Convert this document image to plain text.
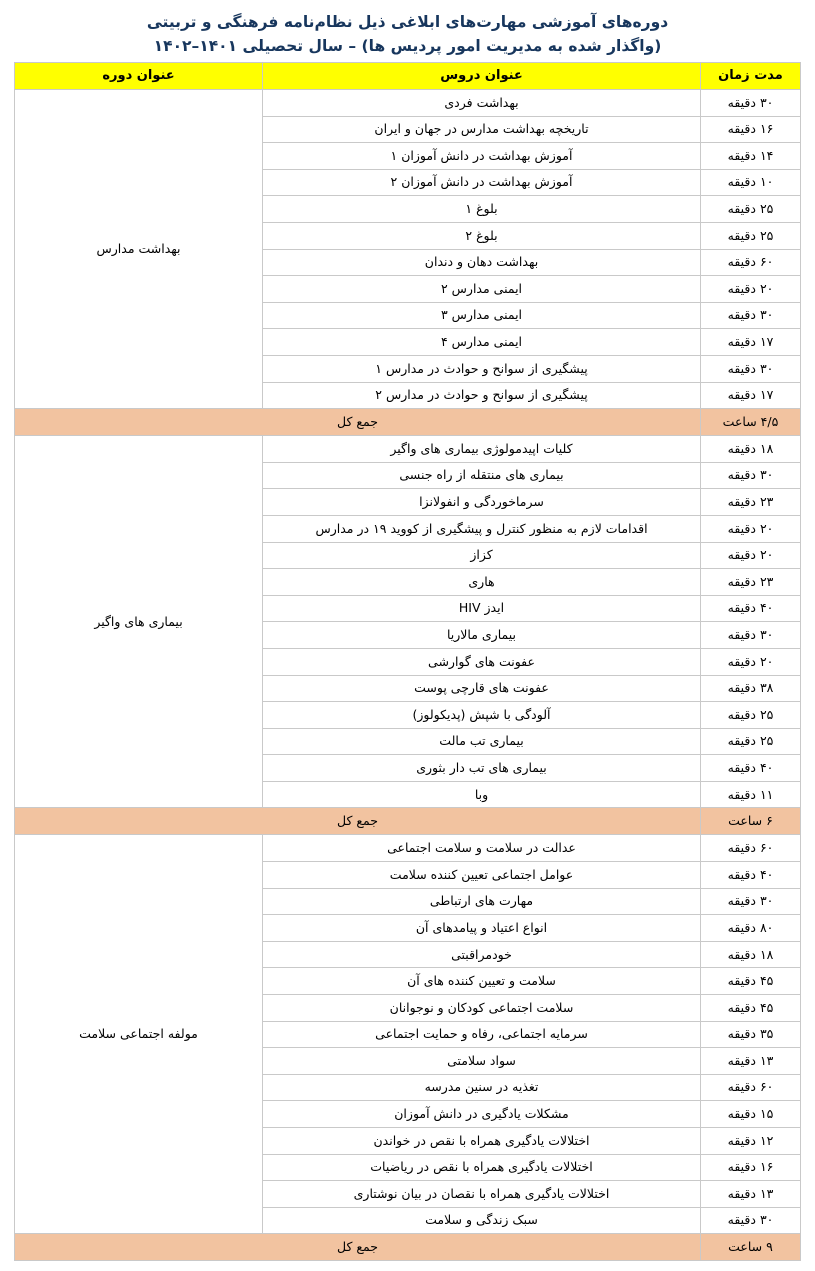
دوره‌های آموزشی مهارت‌های ابلاغی ذیل نظام‌نامه فرهنگی و تربیتی
(واگذار شده به مدیریت امور پردیس ها) – سال تحصیلی ۱۴۰۱–۱۴۰۲
مدت زمان	عنوان دروس	عنوان دوره
۳۰ دقیقه	بهداشت فردی	بهداشت مدارس
۱۶ دقیقه	تاریخچه بهداشت مدارس در جهان و ایران	
۱۴ دقیقه	آموزش بهداشت در دانش آموزان ۱	
۱۰ دقیقه	آموزش بهداشت در دانش آموزان ۲	
۲۵ دقیقه	بلوغ ۱	
۲۵ دقیقه	بلوغ ۲	
۶۰ دقیقه	بهداشت دهان و دندان	
۲۰ دقیقه	ایمنی مدارس ۲	
۳۰ دقیقه	ایمنی مدارس ۳	
۱۷ دقیقه	ایمنی مدارس ۴	
۳۰ دقیقه	پیشگیری از سوانح و حوادث در مدارس ۱	
۱۷ دقیقه	پیشگیری از سوانح و حوادث در مدارس ۲	
۴/۵ ساعت	جمع کل	
۱۸ دقیقه	کلیات اپیدمولوژی بیماری های واگیر	بیماری های واگیر
۳۰ دقیقه	بیماری های منتقله از راه جنسی	
۲۳ دقیقه	سرماخوردگی و انفولانزا	
۲۰ دقیقه	اقدامات لازم به منظور کنترل و پیشگیری از کووید ۱۹ در مدارس	
۲۰ دقیقه	کزاز	
۲۳ دقیقه	هاری	
۴۰ دقیقه	ایدز HIV	
۳۰ دقیقه	بیماری مالاریا	
۲۰ دقیقه	عفونت های گوارشی	
۳۸ دقیقه	عفونت های قارچی پوست	
۲۵ دقیقه	آلودگی با شپش (پدیکولوز)	
۲۵ دقیقه	بیماری تب مالت	
۴۰ دقیقه	بیماری های تب دار بثوری	
۱۱ دقیقه	وبا	
۶ ساعت	جمع کل	
۶۰ دقیقه	عدالت در سلامت و سلامت اجتماعی	مولفه اجتماعی سلامت
۴۰ دقیقه	عوامل اجتماعی تعیین کننده سلامت	
۳۰ دقیقه	مهارت های ارتباطی	
۸۰ دقیقه	انواع اعتیاد و پیامدهای آن	
۱۸ دقیقه	خودمراقبتی	
۴۵ دقیقه	سلامت و تعیین کننده های آن	
۴۵ دقیقه	سلامت اجتماعی کودکان و نوجوانان	
۳۵ دقیقه	سرمایه اجتماعی، رفاه و حمایت اجتماعی	
۱۳ دقیقه	سواد سلامتی	
۶۰ دقیقه	تغذیه در سنین مدرسه	
۱۵ دقیقه	مشکلات یادگیری در دانش آموزان	
۱۲ دقیقه	اختلالات یادگیری همراه با نقص در خواندن	
۱۶ دقیقه	اختلالات یادگیری همراه با نقص در ریاضیات	
۱۳ دقیقه	اختلالات یادگیری همراه با نقصان در بیان نوشتاری	
۳۰ دقیقه	سبک زندگی و سلامت	
۹ ساعت	جمع کل	
